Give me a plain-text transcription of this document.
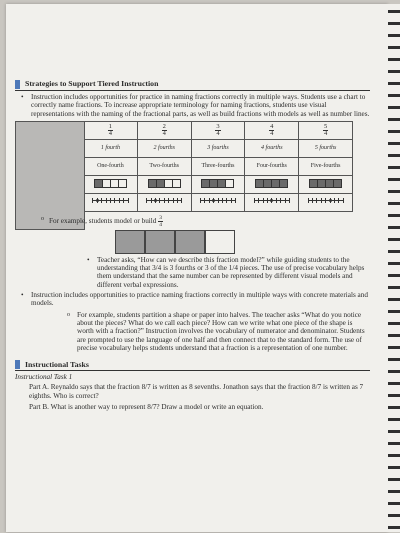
Strategies to Support Tiered Instruction
• Instruction includes opportunities for practice in naming fractions correctly in multiple ways. Students use a chart to correctly name fractions. To increase appropriate terminology for naming fractions, students use visual representations with the naming of the fractional parts, as well as build fractions with models as well as number lines.
$\frac{1}{4}$	$\frac{2}{4}$	$\frac{3}{4}$	$\frac{4}{4}$	$\frac{5}{4}$

1 fourth	2 fourths	3 fourths	4 fourths	5 fourths
One-fourth	Two-fourths	Three-fourths	Four-fourths	Five-fourths

o For example, students model or build $\frac{3}{4}$
• Teacher asks, “How can we describe this fraction model?” while guiding students to the understanding that 3/4 is 3 fourths or 3 of the 1/4 pieces. The use of precise vocabulary helps them understand that the same number can be represented by different visual models and different verbal expressions.
• Instruction includes opportunities to practice naming fractions correctly in multiple ways with concrete materials and models.
o For example, students partition a shape or paper into halves. The teacher asks “What do you notice about the pieces? What do we call each piece? How can we write what one piece of the shape is worth with a fraction?” Instruction involves the vocabulary of numerator and denominator. Students are prompted to use the language of one half and then connect that to the standard form. The use of precise vocabulary helps students understand that a fraction is a representation of one number.
Instructional Tasks
Instructional Task 1
Part A. Reynaldo says that the fraction 8/7 is written as 8 sevenths. Jonathon says that the fraction 8/7 is written as 7 eighths. Who is correct?
Part B. What is another way to represent 8/7? Draw a model or write an equation.
